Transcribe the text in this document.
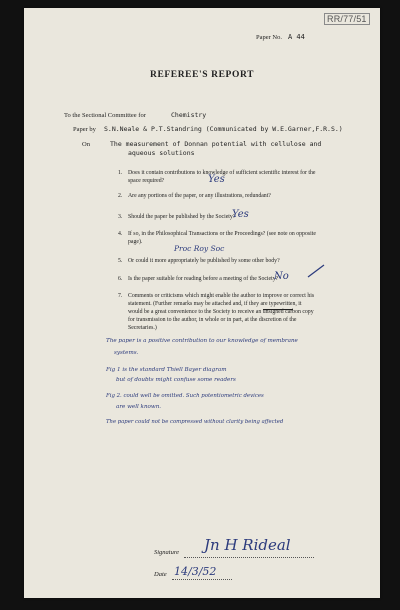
RR/77/51
Paper No. A 44
REFEREE'S REPORT
To the Sectional Committee for	Chemistry
Paper by S.N.Neale & P.T.Standring (Communicated by W.E.Garner,F.R.S.)
On	The measurement of Donnan potential with cellulose and
aqueous solutions
1. Does it contain contributions to knowledge of sufficient scientific interest for the
space required?	Yes
2. Are any portions of the paper, or any illustrations, redundant?
3. Should the paper be published by the Society?
Yes
4. If so, in the Philosophical Transactions or the Proceedings? (see note on opposite
page).
Proc Roy Soc
5. Or could it more appropriately be published by some other body?
6. Is the paper suitable for reading before a meeting of the Society?
No
7. Comments or criticisms which might enable the author to improve or correct his
statement. (Further remarks may be attached and, if they are typewritten, it
would be a great convenience to the Society to receive an unsigned carbon copy
for transmission to the author, in whole or in part, at the discretion of the
Secretaries.)
The paper is a positive contribution to our knowledge of membrane
systems.
Fig 1 is the standard Thiell Bayer diagram
but of doubts might confuse some readers
Fig 2. could well be omitted. Such potentiometric devices
are well known.
The paper could not be compressed without clarity being affected
Signature Jn H Rideal
Date 14/3/52
